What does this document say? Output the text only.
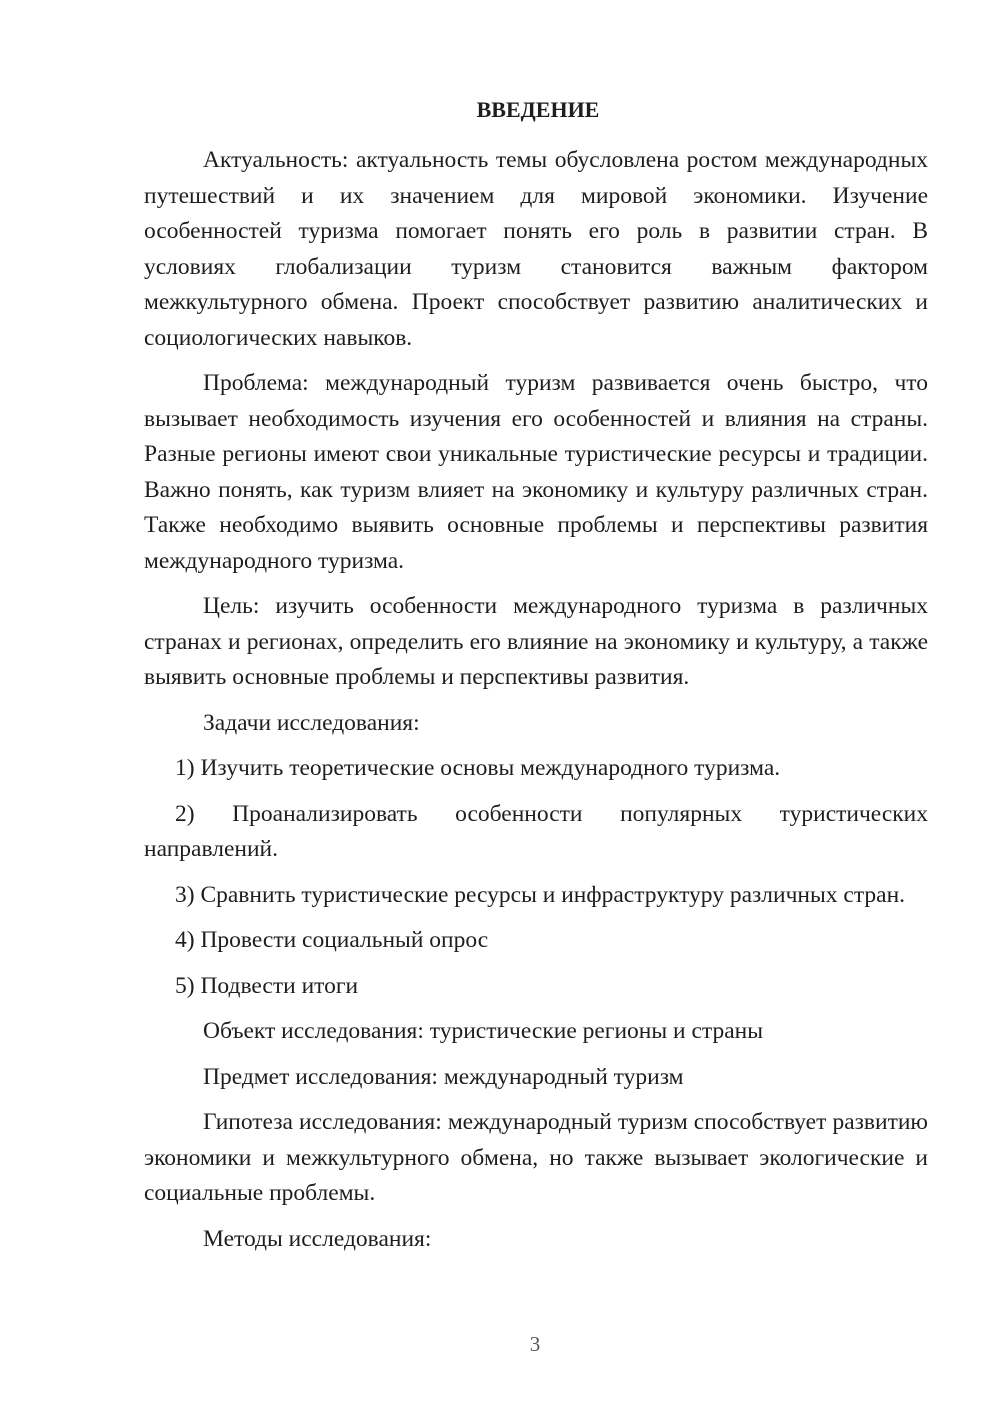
ВВЕДЕНИЕ

Актуальность: актуальность темы обусловлена ростом международных путешествий и их значением для мировой экономики. Изучение особенностей туризма помогает понять его роль в развитии стран. В условиях глобализации туризм становится важным фактором межкультурного обмена. Проект способствует развитию аналитических и социологических навыков.

Проблема: международный туризм развивается очень быстро, что вызывает необходимость изучения его особенностей и влияния на страны. Разные регионы имеют свои уникальные туристические ресурсы и традиции. Важно понять, как туризм влияет на экономику и культуру различных стран. Также необходимо выявить основные проблемы и перспективы развития международного туризма.

Цель: изучить особенности международного туризма в различных странах и регионах, определить его влияние на экономику и культуру, а также выявить основные проблемы и перспективы развития.

Задачи исследования:

1) Изучить теоретические основы международного туризма.

2) Проанализировать особенности популярных туристических направлений.

3) Сравнить туристические ресурсы и инфраструктуру различных стран.

4) Провести социальный опрос

5) Подвести итоги

Объект исследования: туристические регионы и страны

Предмет исследования: международный туризм

Гипотеза исследования: международный туризм способствует развитию экономики и межкультурного обмена, но также вызывает экологические и социальные проблемы.

Методы исследования:

3
